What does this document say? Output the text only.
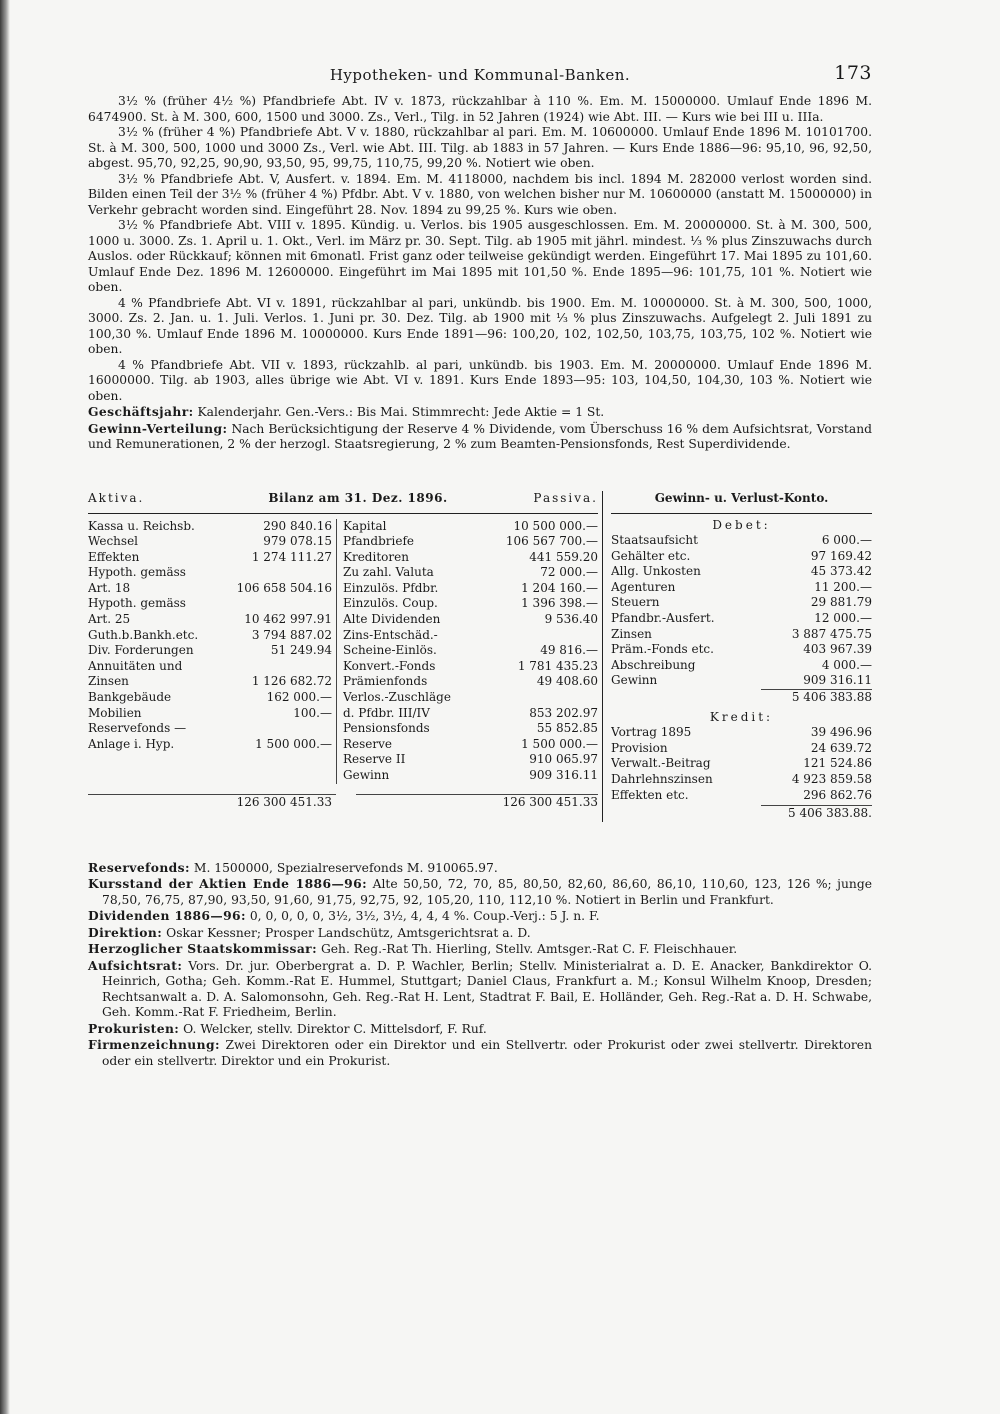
Hypotheken- und Kommunal-Banken.	173

3½ % (früher 4½ %) Pfandbriefe Abt. IV v. 1873, rückzahlbar à 110 %. Em. M. 15000000. Umlauf Ende 1896 M. 6474900. St. à M. 300, 600, 1500 und 3000. Zs., Verl., Tilg. in 52 Jahren (1924) wie Abt. III. — Kurs wie bei III u. IIIa.

3½ % (früher 4 %) Pfandbriefe Abt. V v. 1880, rückzahlbar al pari. Em. M. 10600000. Umlauf Ende 1896 M. 10101700. St. à M. 300, 500, 1000 und 3000 Zs., Verl. wie Abt. III. Tilg. ab 1883 in 57 Jahren. — Kurs Ende 1886—96: 95,10, 96, 92,50, abgest. 95,70, 92,25, 90,90, 93,50, 95, 99,75, 110,75, 99,20 %. Notiert wie oben.

3½ % Pfandbriefe Abt. V, Ausfert. v. 1894. Em. M. 4118000, nachdem bis incl. 1894 M. 282000 verlost worden sind. Bilden einen Teil der 3½ % (früher 4 %) Pfdbr. Abt. V v. 1880, von welchen bisher nur M. 10600000 (anstatt M. 15000000) in Verkehr gebracht worden sind. Eingeführt 28. Nov. 1894 zu 99,25 %. Kurs wie oben.

3½ % Pfandbriefe Abt. VIII v. 1895. Kündig. u. Verlos. bis 1905 ausgeschlossen. Em. M. 20000000. St. à M. 300, 500, 1000 u. 3000. Zs. 1. April u. 1. Okt., Verl. im März pr. 30. Sept. Tilg. ab 1905 mit jährl. mindest. ⅓ % plus Zinszuwachs durch Auslos. oder Rückkauf; können mit 6monatl. Frist ganz oder teilweise gekündigt werden. Eingeführt 17. Mai 1895 zu 101,60. Umlauf Ende Dez. 1896 M. 12600000. Eingeführt im Mai 1895 mit 101,50 %. Ende 1895—96: 101,75, 101 %. Notiert wie oben.

4 % Pfandbriefe Abt. VI v. 1891, rückzahlbar al pari, unkündb. bis 1900. Em. M. 10000000. St. à M. 300, 500, 1000, 3000. Zs. 2. Jan. u. 1. Juli. Verlos. 1. Juni pr. 30. Dez. Tilg. ab 1900 mit ⅓ % plus Zinszuwachs. Aufgelegt 2. Juli 1891 zu 100,30 %. Umlauf Ende 1896 M. 10000000. Kurs Ende 1891—96: 100,20, 102, 102,50, 103,75, 103,75, 102 %. Notiert wie oben.

4 % Pfandbriefe Abt. VII v. 1893, rückzahlb. al pari, unkündb. bis 1903. Em. M. 20000000. Umlauf Ende 1896 M. 16000000. Tilg. ab 1903, alles übrige wie Abt. VI v. 1891. Kurs Ende 1893—95: 103, 104,50, 104,30, 103 %. Notiert wie oben.

Geschäftsjahr: Kalenderjahr. Gen.-Vers.: Bis Mai. Stimmrecht: Jede Aktie = 1 St.

Gewinn-Verteilung: Nach Berücksichtigung der Reserve 4 % Dividende, vom Überschuss 16 % dem Aufsichtsrat, Vorstand und Remunerationen, 2 % der herzogl. Staatsregierung, 2 % zum Beamten-Pensionsfonds, Rest Superdividende.

Aktiva.	Bilanz am 31. Dez. 1896.	Passiva.
Kassa u. Reichsb.	290 840.16
Wechsel	979 078.15
Effekten	1 274 111.27
Hypoth. gemäss
Art. 18	106 658 504.16
Hypoth. gemäss
Art. 25	10 462 997.91
Guth.b.Bankh.etc.	3 794 887.02
Div. Forderungen	51 249.94
Annuitäten und
Zinsen	1 126 682.72
Bankgebäude	162 000.—
Mobilien	100.—
Reservefonds —
Anlage i. Hyp.	1 500 000.—
Kapital	10 500 000.—
Pfandbriefe	106 567 700.—
Kreditoren	441 559.20
Zu zahl. Valuta	72 000.—
Einzulös. Pfdbr.	1 204 160.—
Einzulös. Coup.	1 396 398.—
Alte Dividenden	9 536.40
Zins-Entschäd.-
Scheine-Einlös.	49 816.—
Konvert.-Fonds	1 781 435.23
Prämienfonds	49 408.60
Verlos.-Zuschläge
d. Pfdbr. III/IV	853 202.97
Pensionsfonds	55 852.85
Reserve	1 500 000.—
Reserve II	910 065.97
Gewinn	909 316.11
126 300 451.33	126 300 451.33
Gewinn- u. Verlust-Konto.
Debet:
Staatsaufsicht	6 000.—
Gehälter etc.	97 169.42
Allg. Unkosten	45 373.42
Agenturen	11 200.—
Steuern	29 881.79
Pfandbr.-Ausfert.	12 000.—
Zinsen	3 887 475.75
Präm.-Fonds etc.	403 967.39
Abschreibung	4 000.—
Gewinn	909 316.11
5 406 383.88
Kredit:
Vortrag 1895	39 496.96
Provision	24 639.72
Verwalt.-Beitrag	121 524.86
Dahrlehnszinsen	4 923 859.58
Effekten etc.	296 862.76
5 406 383.88.

Reservefonds: M. 1500000, Spezialreservefonds M. 910065.97.

Kursstand der Aktien Ende 1886—96: Alte 50,50, 72, 70, 85, 80,50, 82,60, 86,60, 86,10, 110,60, 123, 126 %; junge 78,50, 76,75, 87,90, 93,50, 91,60, 91,75, 92,75, 92, 105,20, 110, 112,10 %. Notiert in Berlin und Frankfurt.

Dividenden 1886—96: 0, 0, 0, 0, 0, 3½, 3½, 3½, 4, 4, 4 %. Coup.-Verj.: 5 J. n. F.

Direktion: Oskar Kessner; Prosper Landschütz, Amtsgerichtsrat a. D.

Herzoglicher Staatskommissar: Geh. Reg.-Rat Th. Hierling, Stellv. Amtsger.-Rat C. F. Fleischhauer.

Aufsichtsrat: Vors. Dr. jur. Oberbergrat a. D. P. Wachler, Berlin; Stellv. Ministerialrat a. D. E. Anacker, Bankdirektor O. Heinrich, Gotha; Geh. Komm.-Rat E. Hummel, Stuttgart; Daniel Claus, Frankfurt a. M.; Konsul Wilhelm Knoop, Dresden; Rechtsanwalt a. D. A. Salomonsohn, Geh. Reg.-Rat H. Lent, Stadtrat F. Bail, E. Holländer, Geh. Reg.-Rat a. D. H. Schwabe, Geh. Komm.-Rat F. Friedheim, Berlin.

Prokuristen: O. Welcker, stellv. Direktor C. Mittelsdorf, F. Ruf.

Firmenzeichnung: Zwei Direktoren oder ein Direktor und ein Stellvertr. oder Prokurist oder zwei stellvertr. Direktoren oder ein stellvertr. Direktor und ein Prokurist.
